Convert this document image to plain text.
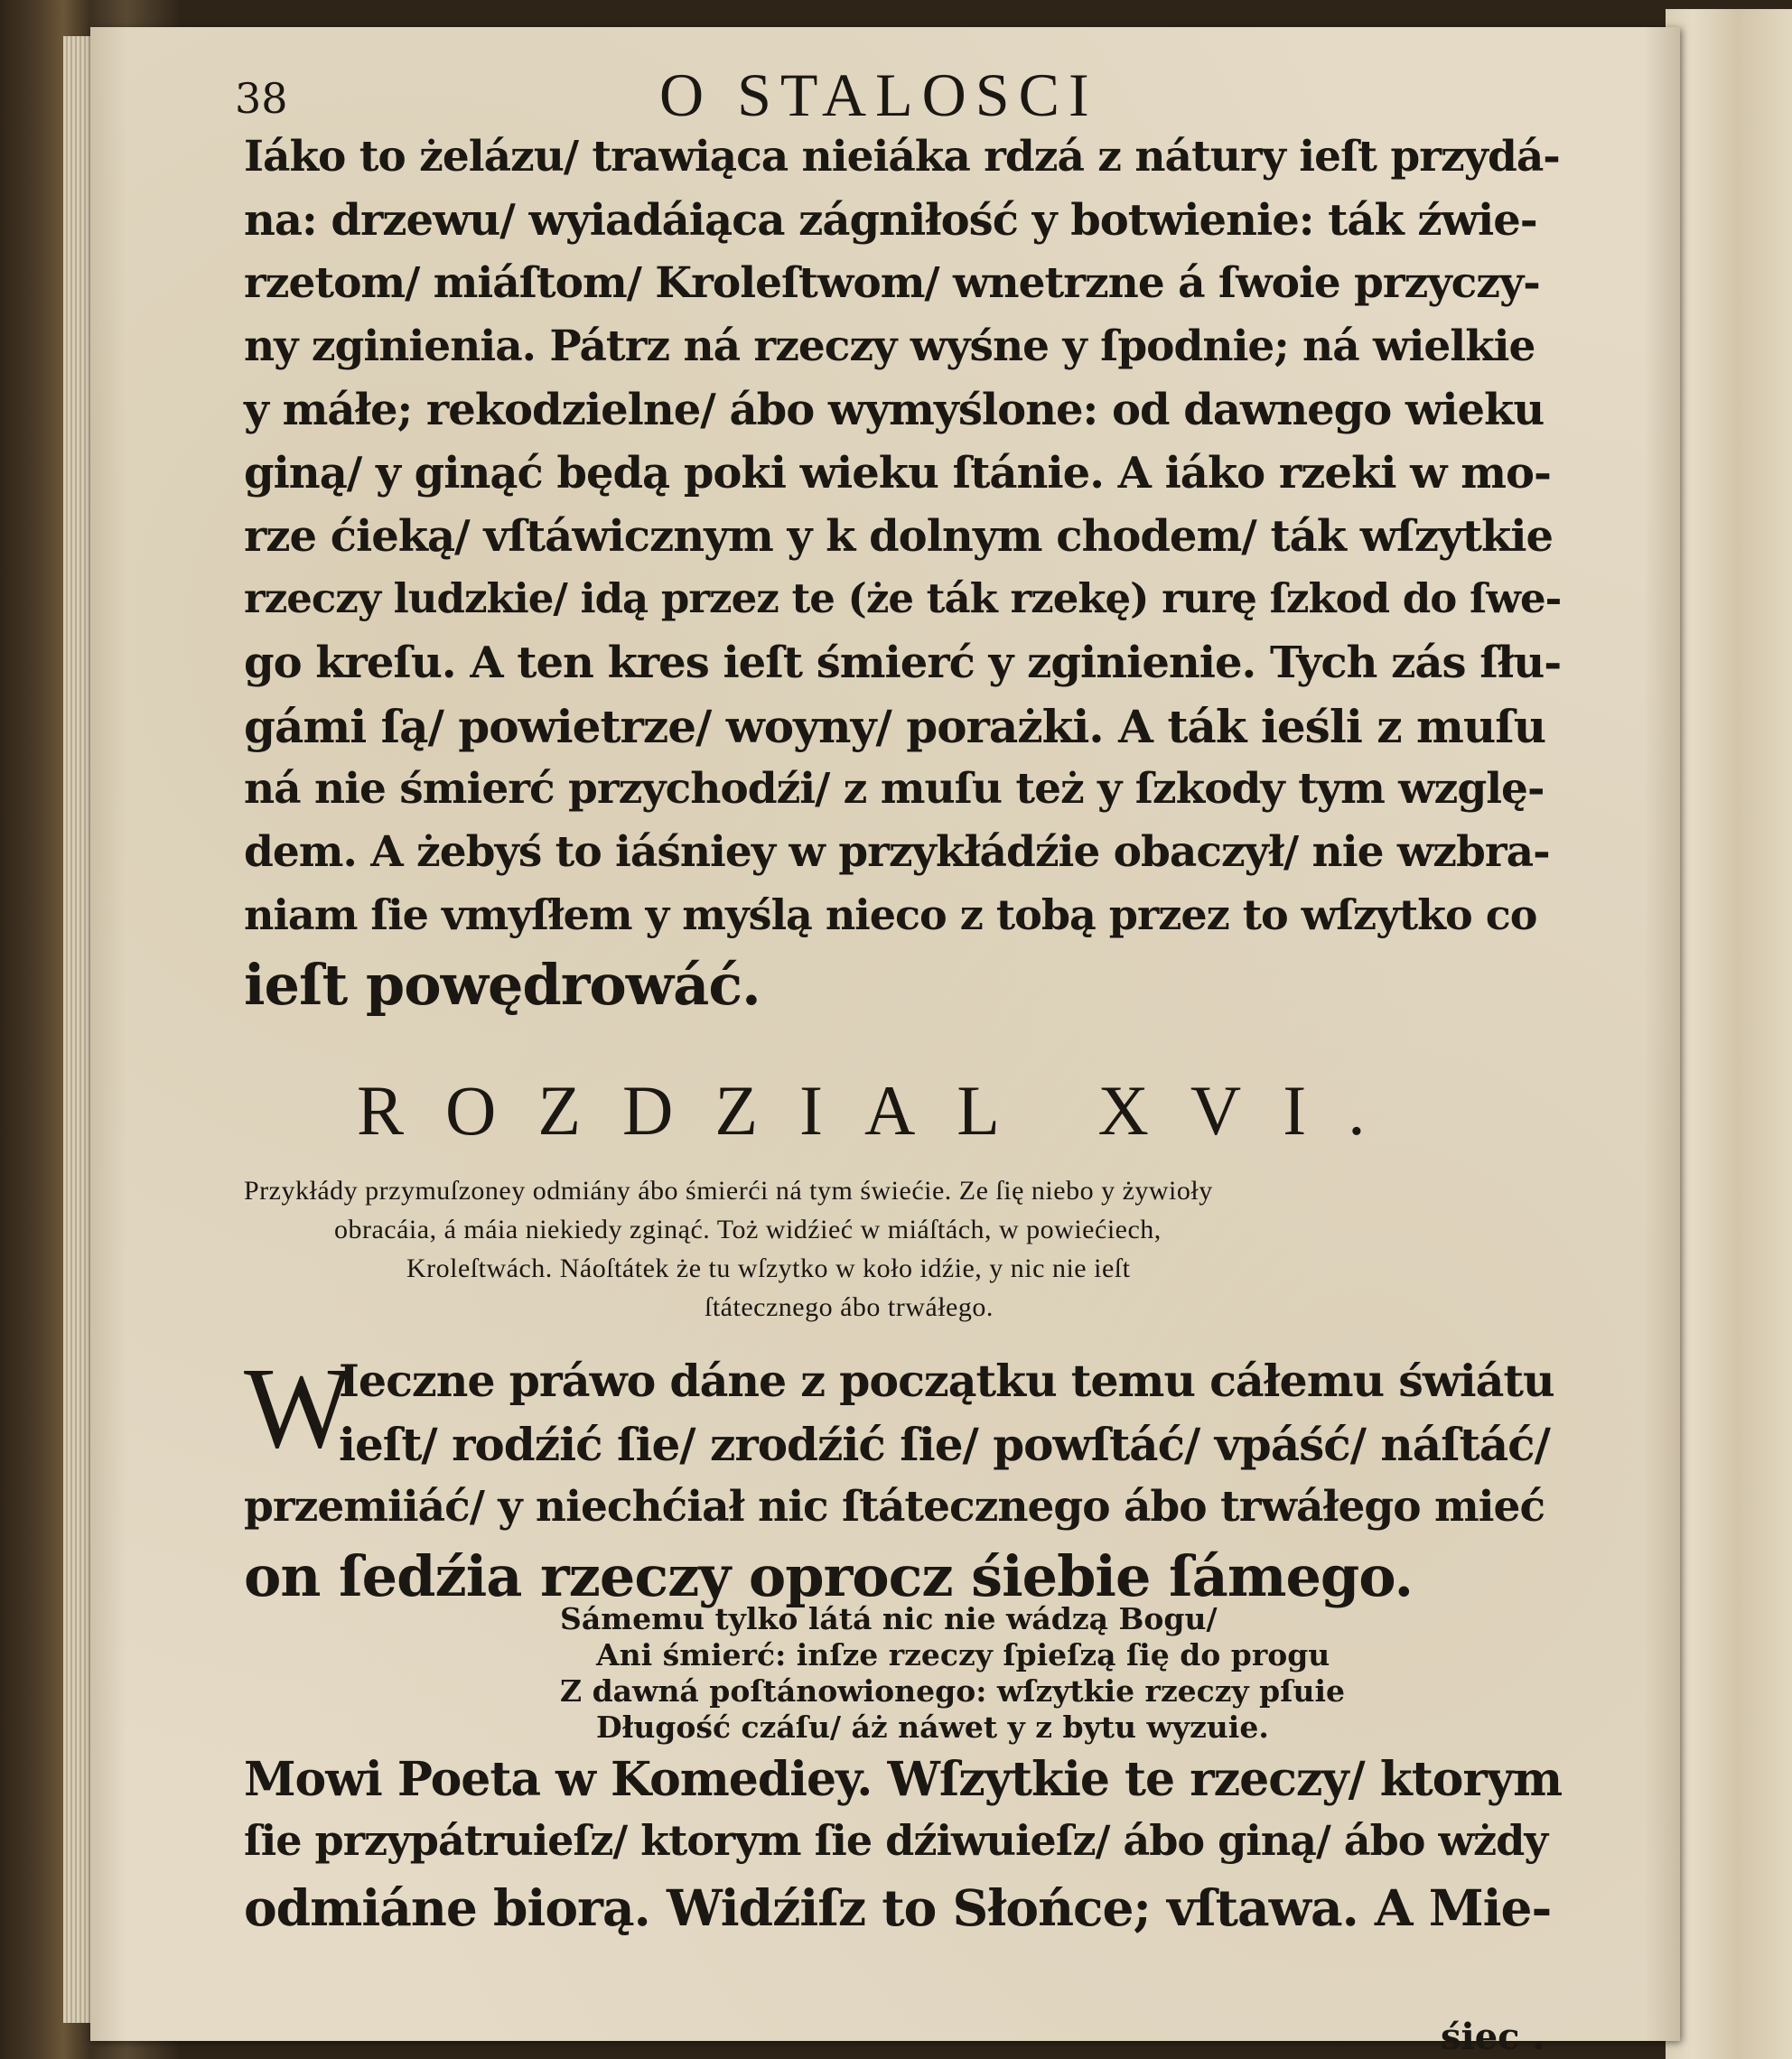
38	O STALOSCI
Iáko to żelázu/ trawiąca nieiáka rdzá z nátury ieſt przydá-
na: drzewu/ wyiadáiąca zágniłość y botwienie: ták źwie-
rzetom/ miáſtom/ Kroleſtwom/ wnetrzne á ſwoie przyczy-
ny zginienia. Pátrz ná rzeczy wyśne y ſpodnie; ná wielkie
y máłe; rekodzielne/ ábo wymyślone: od dawnego wieku
giną/ y ginąć będą poki wieku ſtánie. A iáko rzeki w mo-
rze ćieką/ vſtáwicznym y k dolnym chodem/ ták wſzytkie
rzeczy ludzkie/ idą przez te (że ták rzekę) rurę ſzkod do ſwe-
go kreſu. A ten kres ieſt śmierć y zginienie. Tych zás ſłu-
gámi ſą/ powietrze/ woyny/ porażki. A ták ieśli z muſu
ná nie śmierć przychodźi/ z muſu też y ſzkody tym wzglę-
dem. A żebyś to iáśniey w przykłádźie obaczył/ nie wzbra-
niam ſie vmyſłem y myślą nieco z tobą przez to wſzytko co
ieſt powędrowáć.
ROZDZIAL XVI.
Przykłády przymuſzoney odmiány ábo śmierći ná tym świećie. Ze ſię niebo y żywioły
obracáia, á máia niekiedy zginąć. Toż widźieć w miáſtách, w powiećiech,
Kroleſtwách. Náoſtátek że tu wſzytko w koło idźie, y nic nie ieſt
ſtátecznego ábo trwáłego.
W
Ieczne práwo dáne z początku temu cáłemu świátu
ieſt/ rodźić ſie/ zrodźić ſie/ powſtáć/ vpáść/ náſtáć/
przemiiáć/ y niechćiał nic ſtátecznego ábo trwáłego mieć
on ſedźia rzeczy oprocz śiebie ſámego.
Sámemu tylko látá nic nie wádzą Bogu/
Ani śmierć: inſze rzeczy ſpieſzą ſię do progu
Z dawná poſtánowionego: wſzytkie rzeczy pſuie
Długość czáſu/ áż náwet y z bytu wyzuie.
Mowi Poeta w Komediey. Wſzytkie te rzeczy/ ktorym
ſie przypátruieſz/ ktorym ſie dźiwuieſz/ ábo giną/ ábo wżdy
odmiáne biorą. Widźiſz to Słońce; vſtawa. A Mie-
śiec .
